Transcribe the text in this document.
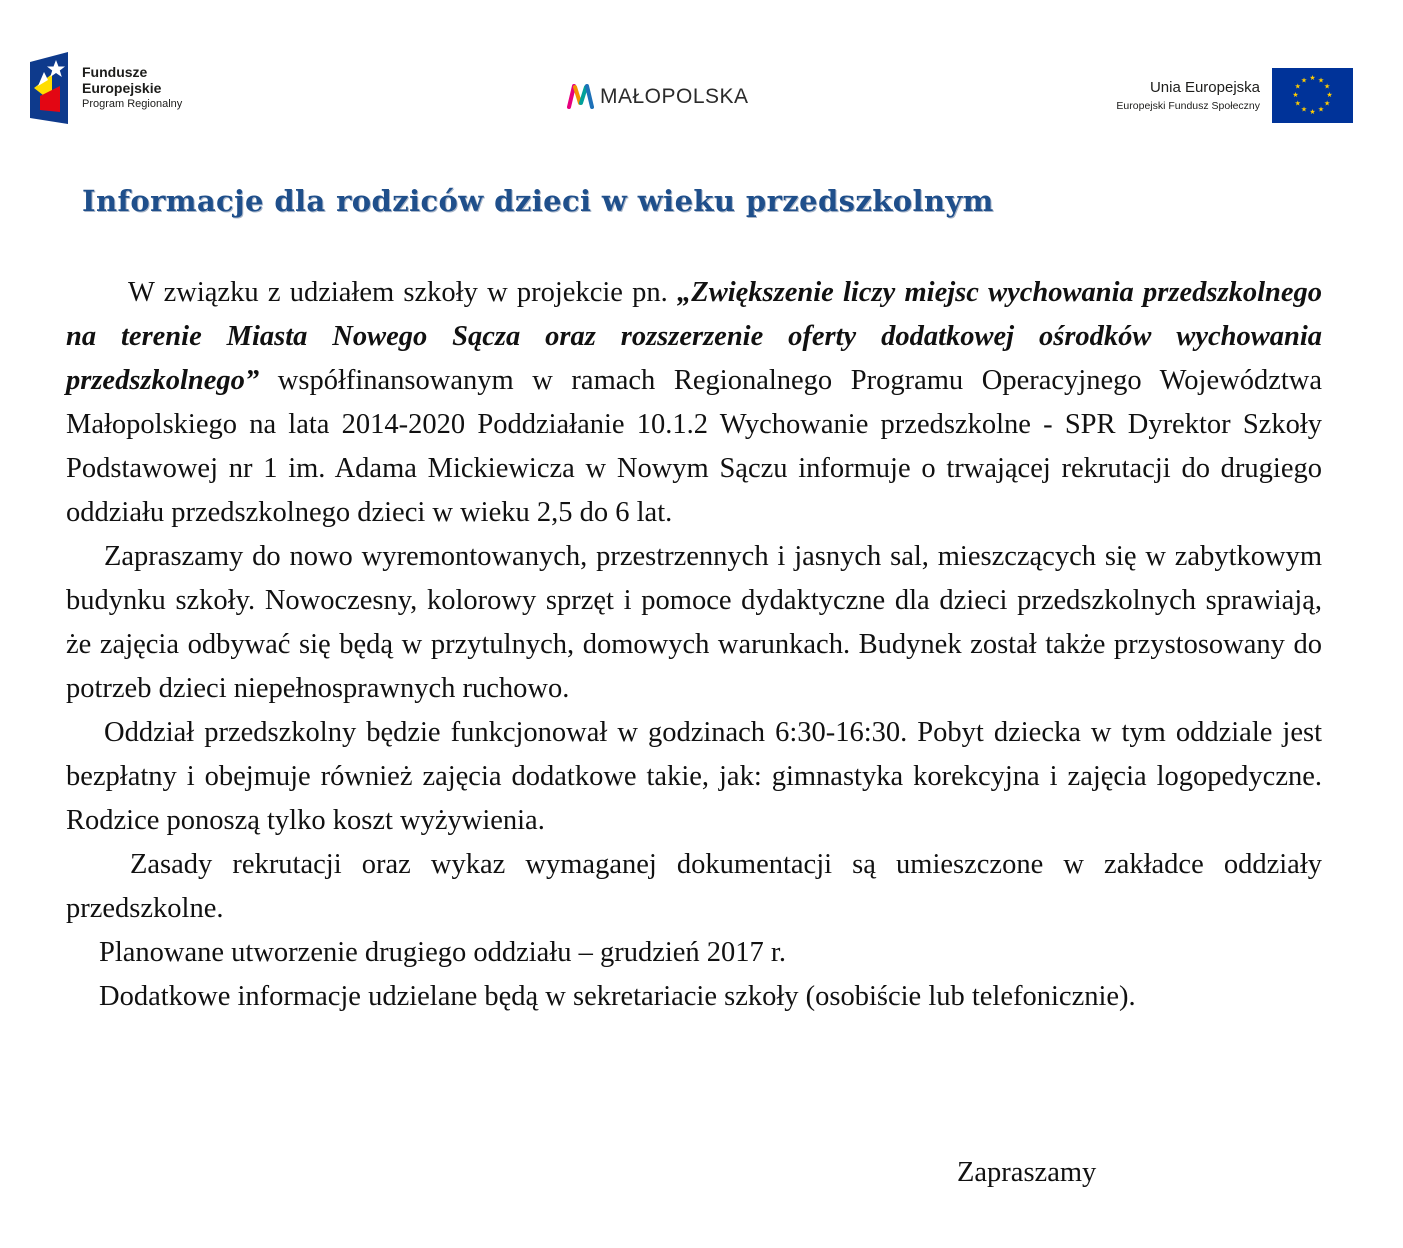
Fundusze
Europejskie
Program Regionalny	MAŁOPOLSKA	Unia Europejska
Europejski Fundusz Społeczny
★ ★
★
★
★
★
★
★
★
★
★
★
Informacje dla rodziców dzieci w wieku przedszkolnym

W związku z udziałem szkoły w projekcie pn. „Zwiększenie liczy miejsc wychowania przedszkolnego na terenie Miasta Nowego Sącza oraz rozszerzenie oferty dodatkowej ośrodków wychowania przedszkolnego” współfinansowanym w ramach Regionalnego Programu Operacyjnego Województwa Małopolskiego na lata 2014-2020 Poddziałanie 10.1.2 Wychowanie przedszkolne - SPR Dyrektor Szkoły Podstawowej nr 1 im. Adama Mickiewicza w Nowym Sączu informuje o trwającej rekrutacji do drugiego oddziału przedszkolnego dzieci w wieku 2,5 do 6 lat.

Zapraszamy do nowo wyremontowanych, przestrzennych i jasnych sal, mieszczących się w zabytkowym budynku szkoły. Nowoczesny, kolorowy sprzęt i pomoce dydaktyczne dla dzieci przedszkolnych sprawiają, że zajęcia odbywać się będą w przytulnych, domowych warunkach. Budynek został także przystosowany do potrzeb dzieci niepełnosprawnych ruchowo.

Oddział przedszkolny będzie funkcjonował w godzinach 6:30-16:30. Pobyt dziecka w tym oddziale jest bezpłatny i obejmuje również zajęcia dodatkowe takie, jak: gimnastyka korekcyjna i zajęcia logopedyczne. Rodzice ponoszą tylko koszt wyżywienia.

Zasady rekrutacji oraz wykaz wymaganej dokumentacji są umieszczone w zakładce oddziały przedszkolne.

Planowane utworzenie drugiego oddziału – grudzień 2017 r.

Dodatkowe informacje udzielane będą w sekretariacie szkoły (osobiście lub telefonicznie).

Zapraszamy
